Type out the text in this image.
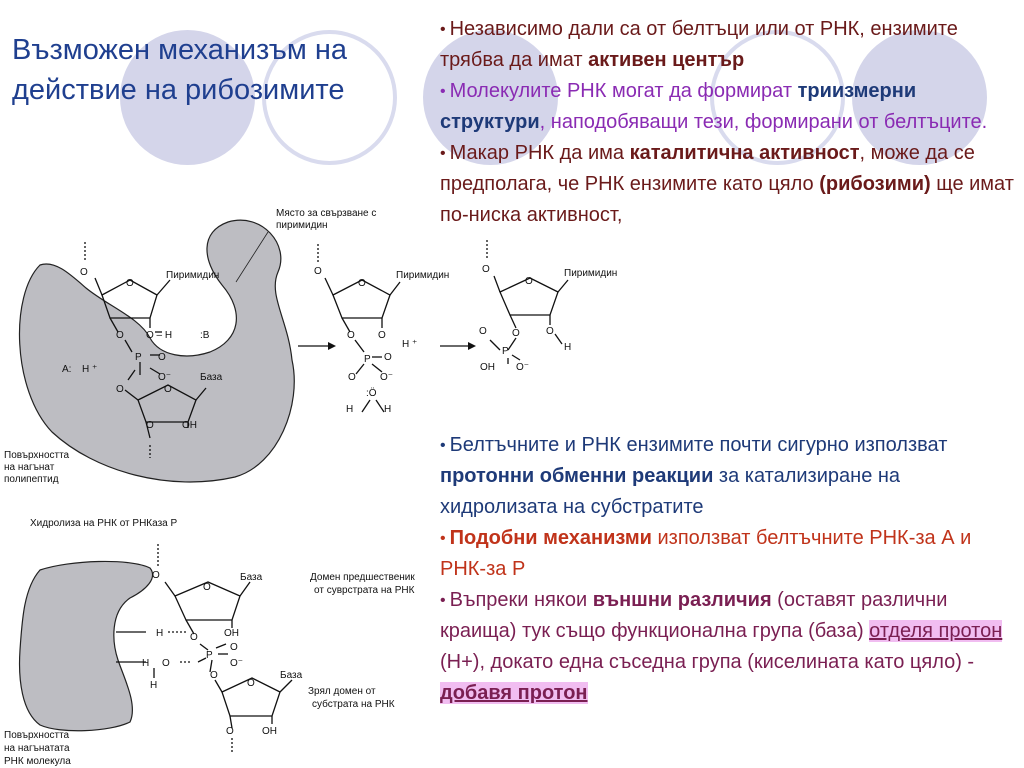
Възможен механизъм на действие на рибозимите
• Независимо дали са от белтъци или от РНК, ензимите трябва да имат активен център
• Молекулите РНК могат да формират триизмерни структури, наподобяващи тези, формирани от белтъците.
• Макар РНК да има каталитична активност, може да се предполага, че РНК ензимите като цяло (рибозими) ще имат по-ниска активност,
• Белтъчните и РНК ензимите почти сигурно използват протонни обменни реакции за катализиране на хидролизата на субстратите
• Подобни механизми използват белтъчните РНК-за А и РНК-за Р
• Въпреки някои външни различия (оставят различни краища) тук също функционална група (база) отделя протон (H+), докато една съседна група (киселината като цяло) - добавя протон
Място за свързване с
пиримидин
O
O
Пиримидин
O O – H	:B
P O
O⁻
A: H ⁺
O	O
База
O	OH
Повърхността
на нагънат
полипептид
O
O
Пиримидин
O O
P O
H ⁺
O O⁻
:Ö
H	H
O
O
Пиримидин
O	O
H
O
P
OH O⁻
Хидролиза на РНК от РНКаза Р
O
O
База
H	O	OH
P
O
O⁻
H O
H
O
O
База
O	OH
Домен предшественик
от суврстрата на РНК
Зрял домен от
субстрата на РНК
Повърхността
на нагънатата
РНК молекула
